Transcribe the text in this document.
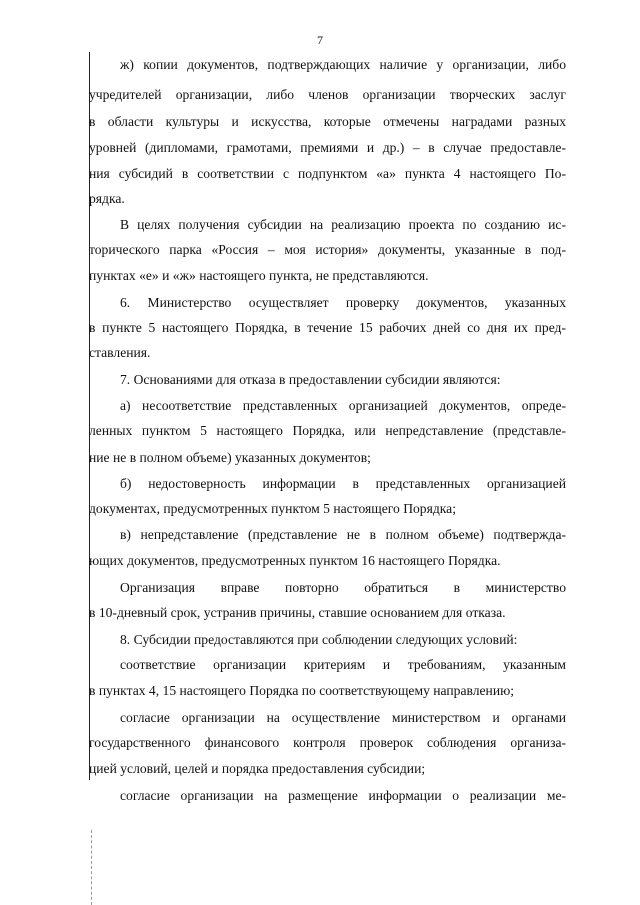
7
ж) копии документов, подтверждающих наличие у организации, либо
учредителей организации, либо членов организации творческих заслуг
в области культуры и искусства, которые отмечены наградами разных
уровней (дипломами, грамотами, премиями и др.) – в случае предоставле-
ния субсидий в соответствии с подпунктом «а» пункта 4 настоящего По-
рядка.
В целях получения субсидии на реализацию проекта по созданию ис-
торического парка «Россия – моя история» документы, указанные в под-
пунктах «е» и «ж» настоящего пункта, не представляются.
6. Министерство осуществляет проверку документов, указанных
в пункте 5 настоящего Порядка, в течение 15 рабочих дней со дня их пред-
ставления.
7. Основаниями для отказа в предоставлении субсидии являются:
а) несоответствие представленных организацией документов, опреде-
ленных пунктом 5 настоящего Порядка, или непредставление (представле-
ние не в полном объеме) указанных документов;
б) недостоверность информации в представленных организацией
документах, предусмотренных пунктом 5 настоящего Порядка;
в) непредставление (представление не в полном объеме) подтвержда-
ющих документов, предусмотренных пунктом 16 настоящего Порядка.
Организация вправе повторно обратиться в министерство
в 10-дневный срок, устранив причины, ставшие основанием для отказа.
8. Субсидии предоставляются при соблюдении следующих условий:
соответствие организации критериям и требованиям, указанным
в пунктах 4, 15 настоящего Порядка по соответствующему направлению;
согласие организации на осуществление министерством и органами
государственного финансового контроля проверок соблюдения организа-
цией условий, целей и порядка предоставления субсидии;
согласие организации на размещение информации о реализации ме-
